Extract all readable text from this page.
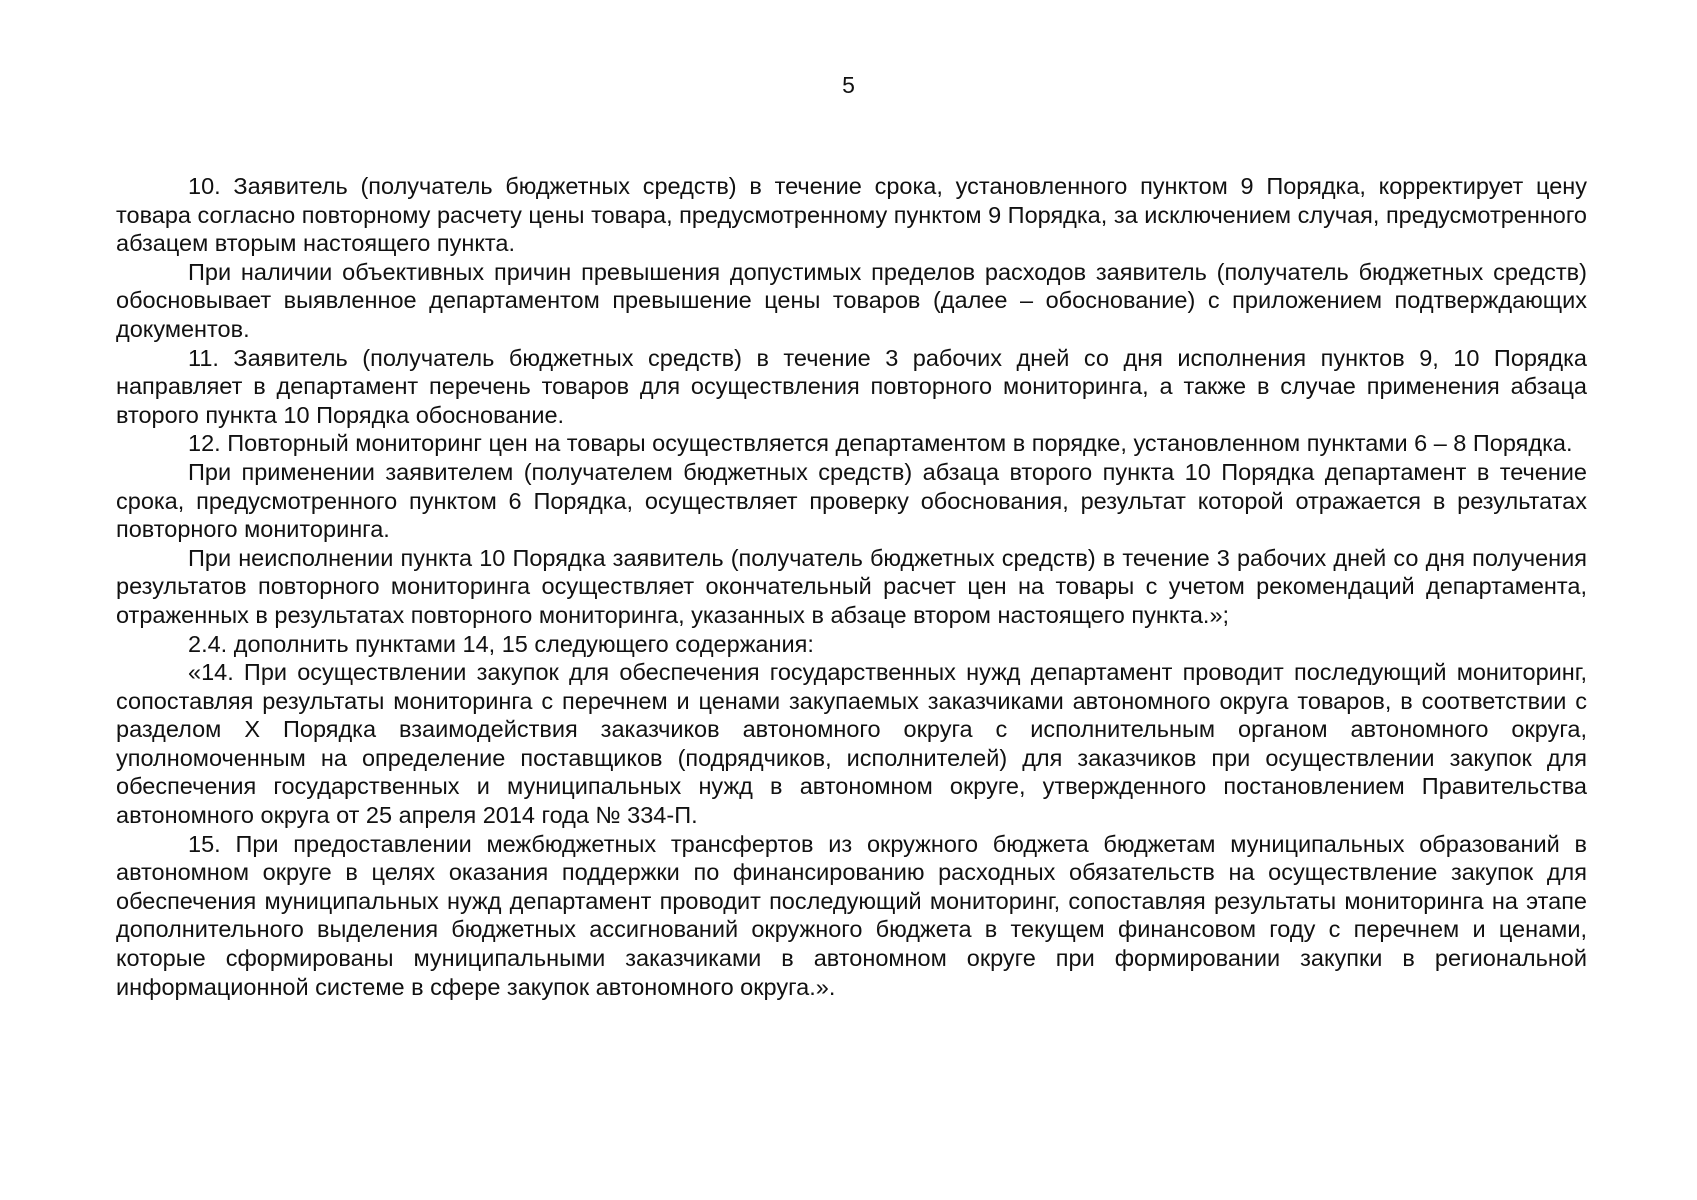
5

10. Заявитель (получатель бюджетных средств) в течение срока, установленного пунктом 9 Порядка, корректирует цену товара согласно повторному расчету цены товара, предусмотренному пунктом 9 Порядка, за исключением случая, предусмотренного абзацем вторым настоящего пункта.

При наличии объективных причин превышения допустимых пределов расходов заявитель (получатель бюджетных средств) обосновывает выявленное департаментом превышение цены товаров (далее – обоснование) с приложением подтверждающих документов.

11. Заявитель (получатель бюджетных средств) в течение 3 рабочих дней со дня исполнения пунктов 9, 10 Порядка направляет в департамент перечень товаров для осуществления повторного мониторинга, а также в случае применения абзаца второго пункта 10 Порядка обоснование.

12. Повторный мониторинг цен на товары осуществляется департаментом в порядке, установленном пунктами 6 – 8 Порядка.

При применении заявителем (получателем бюджетных средств) абзаца второго пункта 10 Порядка департамент в течение срока, предусмотренного пунктом 6 Порядка, осуществляет проверку обоснования, результат которой отражается в результатах повторного мониторинга.

При неисполнении пункта 10 Порядка заявитель (получатель бюджетных средств) в течение 3 рабочих дней со дня получения результатов повторного мониторинга осуществляет окончательный расчет цен на товары с учетом рекомендаций департамента, отраженных в результатах повторного мониторинга, указанных в абзаце втором настоящего пункта.»;

2.4. дополнить пунктами 14, 15 следующего содержания:

«14. При осуществлении закупок для обеспечения государственных нужд департамент проводит последующий мониторинг, сопоставляя результаты мониторинга с перечнем и ценами закупаемых заказчиками автономного округа товаров, в соответствии с разделом X Порядка взаимодействия заказчиков автономного округа с исполнительным органом автономного округа, уполномоченным на определение поставщиков (подрядчиков, исполнителей) для заказчиков при осуществлении закупок для обеспечения государственных и муниципальных нужд в автономном округе, утвержденного постановлением Правительства автономного округа от 25 апреля 2014 года № 334-П.

15. При предоставлении межбюджетных трансфертов из окружного бюджета бюджетам муниципальных образований в автономном округе в целях оказания поддержки по финансированию расходных обязательств на осуществление закупок для обеспечения муниципальных нужд департамент проводит последующий мониторинг, сопоставляя результаты мониторинга на этапе дополнительного выделения бюджетных ассигнований окружного бюджета в текущем финансовом году с перечнем и ценами, которые сформированы муниципальными заказчиками в автономном округе при формировании закупки в региональной информационной системе в сфере закупок автономного округа.».
